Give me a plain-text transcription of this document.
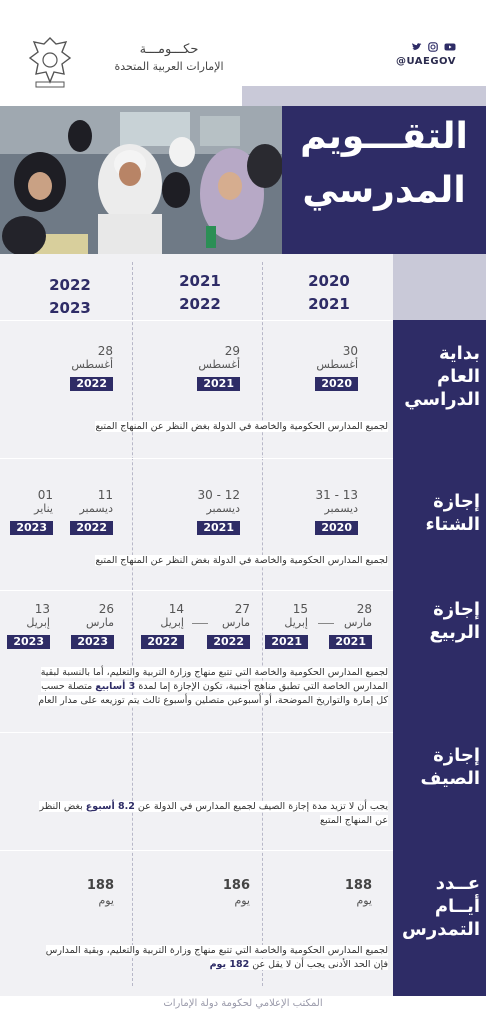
حكـــومـــة
الإمارات العربية المتحدة	@UAEGOV
التقـــويم
المدرسي
2020
2021
2021
2022
2022
2023
بداية
العام
الدراسي
30
أغسطس
2020
29
أغسطس
2021
28
أغسطس
2022
لجميع المدارس الحكومية والخاصة في الدولة بغض النظر عن المنهاج المتبع
إجازة
الشتاء
31 - 13
ديسمبر
2020
30 - 12
ديسمبر
2021
11
ديسمبر
2022
01
يناير
2023
لجميع المدارس الحكومية والخاصة في الدولة بغض النظر عن المنهاج المتبع
إجازة
الربيع
28
مارس
2021
15
إبريل
2021
27
مارس
2022
14
إبريل
2022
26
مارس
2023
13
إبريل
2023
لجميع المدارس الحكومية والخاصة التي تتبع منهاج وزارة التربية والتعليم، أما بالنسبة لبقية المدارس الخاصة التي تطبق مناهج أجنبية، تكون الإجازة إما لمدة 3 أسابيع متصلة حسب كل إمارة والتواريخ الموضحة، أو أسبوعين متصلين وأسبوع ثالث يتم توزيعه على مدار العام
إجازة
الصيف
يجب أن لا تزيد مدة إجازة الصيف لجميع المدارس في الدولة عن 8.2 أسبوع بغض النظر عن المنهاج المتبع
عــدد
أيــام
التمدرس
188
يوم
186
يوم
188
يوم
لجميع المدارس الحكومية والخاصة التي تتبع منهاج وزارة التربية والتعليم، وبقية المدارس فإن الحد الأدنى يجب أن لا يقل عن 182 يوم
المكتب الإعلامي لحكومة دولة الإمارات
